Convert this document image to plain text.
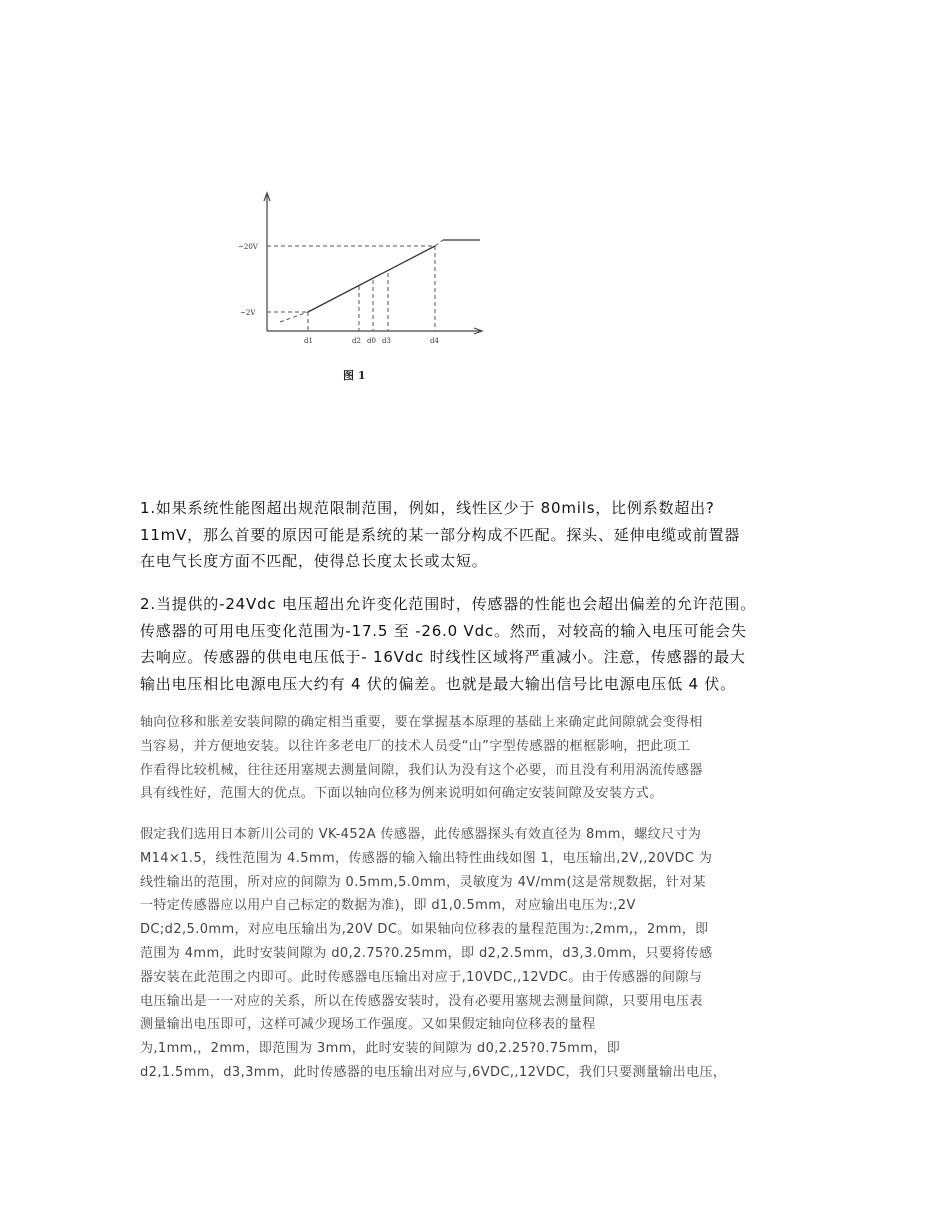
~20V
~2V
d1	d2 d0 d3	d4
图 1
1.如果系统性能图超出规范限制范围，例如，线性区少于 80mils，比例系数超出?
11mV，那么首要的原因可能是系统的某一部分构成不匹配。探头、延伸电缆或前置器
在电气长度方面不匹配，使得总长度太长或太短。
2.当提供的-24Vdc 电压超出允许变化范围时，传感器的性能也会超出偏差的允许范围。
传感器的可用电压变化范围为-17.5 至 -26.0 Vdc。然而，对较高的输入电压可能会失
去响应。传感器的供电电压低于- 16Vdc 时线性区域将严重减小。注意，传感器的最大
输出电压相比电源电压大约有 4 伏的偏差。也就是最大输出信号比电源电压低 4 伏。
轴向位移和胀差安装间隙的确定相当重要，要在掌握基本原理的基础上来确定此间隙就会变得相
当容易，并方便地安装。以往许多老电厂的技术人员受“山”字型传感器的框框影响，把此项工
作看得比较机械，往往还用塞规去测量间隙，我们认为没有这个必要，而且没有利用涡流传感器
具有线性好，范围大的优点。下面以轴向位移为例来说明如何确定安装间隙及安装方式。
假定我们选用日本新川公司的 VK-452A 传感器，此传感器探头有效直径为 8mm，螺纹尺寸为
M14×1.5，线性范围为 4.5mm，传感器的输入输出特性曲线如图 1，电压输出,2V,,20VDC 为
线性输出的范围，所对应的间隙为 0.5mm,5.0mm，灵敏度为 4V/mm(这是常规数据，针对某
一特定传感器应以用户自己标定的数据为准)，即 d1,0.5mm，对应输出电压为:,2V
DC;d2,5.0mm，对应电压输出为,20V DC。如果轴向位移表的量程范围为:,2mm,，2mm，即
范围为 4mm，此时安装间隙为 d0,2.75?0.25mm，即 d2,2.5mm，d3,3.0mm，只要将传感
器安装在此范围之内即可。此时传感器电压输出对应于,10VDC,,12VDC。由于传感器的间隙与
电压输出是一一对应的关系，所以在传感器安装时，没有必要用塞规去测量间隙，只要用电压表
测量输出电压即可，这样可减少现场工作强度。又如果假定轴向位移表的量程
为,1mm,，2mm，即范围为 3mm，此时安装的间隙为 d0,2.25?0.75mm，即
d2,1.5mm，d3,3mm，此时传感器的电压输出对应与,6VDC,,12VDC，我们只要测量输出电压，
